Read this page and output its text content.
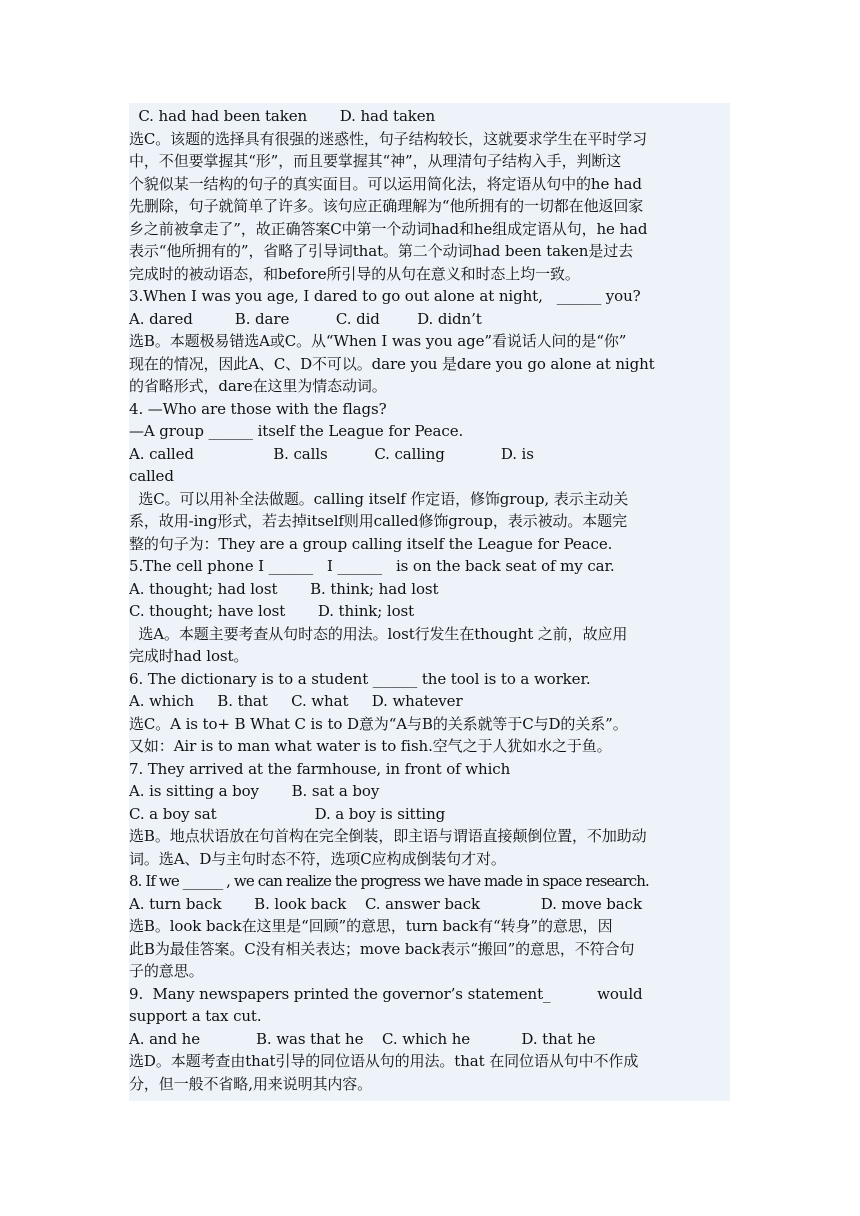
C. had had been taken       D. had taken
选C。该题的选择具有很强的迷惑性，句子结构较长，这就要求学生在平时学习
中，不但要掌握其“形”，而且要掌握其“神”，从理清句子结构入手，判断这
个貌似某一结构的句子的真实面目。可以运用简化法，将定语从句中的he had
先删除，句子就简单了许多。该句应正确理解为“他所拥有的一切都在他返回家
乡之前被拿走了”，故正确答案C中第一个动词had和he组成定语从句，he had
表示“他所拥有的”，省略了引导词that。第二个动词had been taken是过去
完成时的被动语态，和before所引导的从句在意义和时态上均一致。
3.When I was you age, I dared to go out alone at night,   ______ you?
A. dared         B. dare          C. did        D. didn’t
选B。本题极易错选A或C。从“When I was you age”看说话人问的是“你”
现在的情况，因此A、C、D不可以。dare you 是dare you go alone at night
的省略形式，dare在这里为情态动词。
4. —Who are those with the flags?
—A group ______ itself the League for Peace.
A. called                 B. calls          C. calling            D. is
called
选C。可以用补全法做题。calling itself 作定语，修饰group, 表示主动关
系，故用-ing形式，若去掉itself则用called修饰group，表示被动。本题完
整的句子为：They are a group calling itself the League for Peace.
5.The cell phone I ______   I ______   is on the back seat of my car.
A. thought; had lost       B. think; had lost
C. thought; have lost       D. think; lost
选A。本题主要考查从句时态的用法。lost行发生在thought 之前，故应用
完成时had lost。
6. The dictionary is to a student ______ the tool is to a worker.
A. which     B. that     C. what     D. whatever
选C。A is to+ B What C is to D意为“A与B的关系就等于C与D的关系”。
又如：Air is to man what water is to fish.空气之于人犹如水之于鱼。
7. They arrived at the farmhouse, in front of which
A. is sitting a boy       B. sat a boy
C. a boy sat                     D. a boy is sitting
选B。地点状语放在句首构在完全倒装，即主语与谓语直接颠倒位置，不加助动
词。选A、D与主句时态不符，选项C应构成倒装句才对。
8. If we ______ , we can realize the progress we have made in space research.
A. turn back       B. look back    C. answer back             D. move back
选B。look back在这里是“回顾”的意思，turn back有“转身”的意思，因
此B为最佳答案。C没有相关表达；move back表示“搬回”的意思，不符合句
子的意思。
9.  Many newspapers printed the governor’s statement_          would
support a tax cut.
A. and he            B. was that he    C. which he           D. that he
选D。本题考查由that引导的同位语从句的用法。that 在同位语从句中不作成
分，但一般不省略,用来说明其内容。
